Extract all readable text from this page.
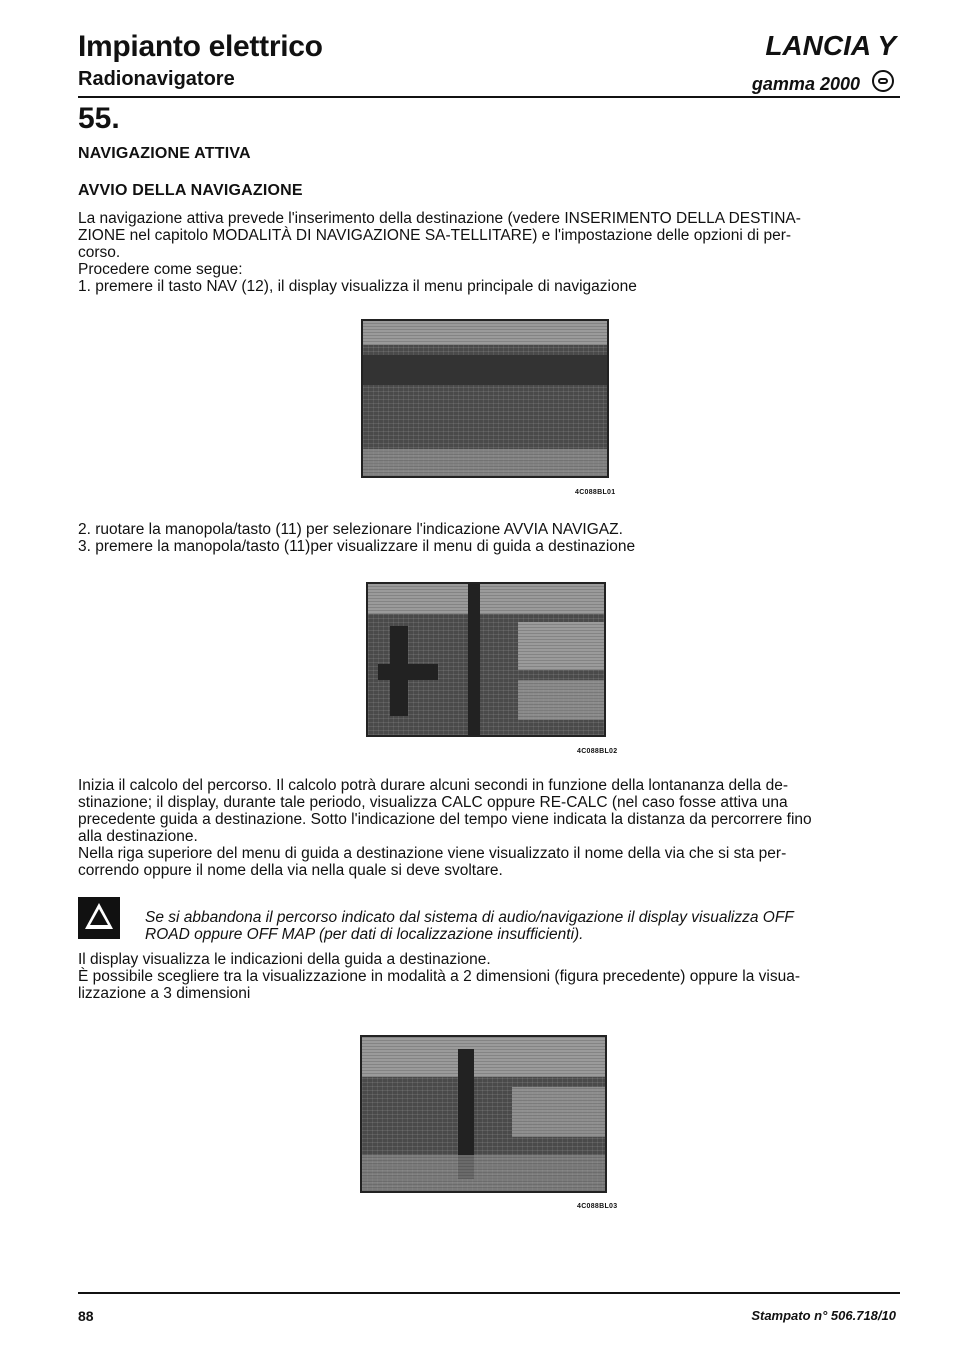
Impianto elettrico
Radionavigatore
LANCIA Y
gamma 2000
55.
NAVIGAZIONE ATTIVA
AVVIO DELLA NAVIGAZIONE

La navigazione attiva prevede l'inserimento della destinazione (vedere INSERIMENTO DELLA DESTINA-

ZIONE nel capitolo MODALITÀ DI NAVIGAZIONE SA-TELLITARE) e l'impostazione delle opzioni di per-

corso.

Procedere come segue:

1. premere il tasto NAV (12), il display visualizza il menu principale di navigazione

4C088BL01

2. ruotare la manopola/tasto (11) per selezionare l'indicazione AVVIA NAVIGAZ.

3. premere la manopola/tasto (11)per visualizzare il menu di guida a destinazione

4C088BL02

Inizia il calcolo del percorso. Il calcolo potrà durare alcuni secondi in funzione della lontananza della de-

stinazione; il display, durante tale periodo, visualizza CALC oppure RE-CALC (nel caso fosse attiva una

precedente guida a destinazione. Sotto l'indicazione del tempo viene indicata la distanza da percorrere fino

alla destinazione.

Nella riga superiore del menu di guida a destinazione viene visualizzato il nome della via che si sta per-

correndo oppure il nome della via nella quale si deve svoltare.

Se si abbandona il percorso indicato dal sistema di audio/navigazione il display visualizza OFF

ROAD oppure OFF MAP (per dati di localizzazione insufficienti).

Il display visualizza le indicazioni della guida a destinazione.

È possibile scegliere tra la visualizzazione in modalità a 2 dimensioni (figura precedente) oppure la visua-

lizzazione a 3 dimensioni

4C088BL03
88	Stampato n° 506.718/10
